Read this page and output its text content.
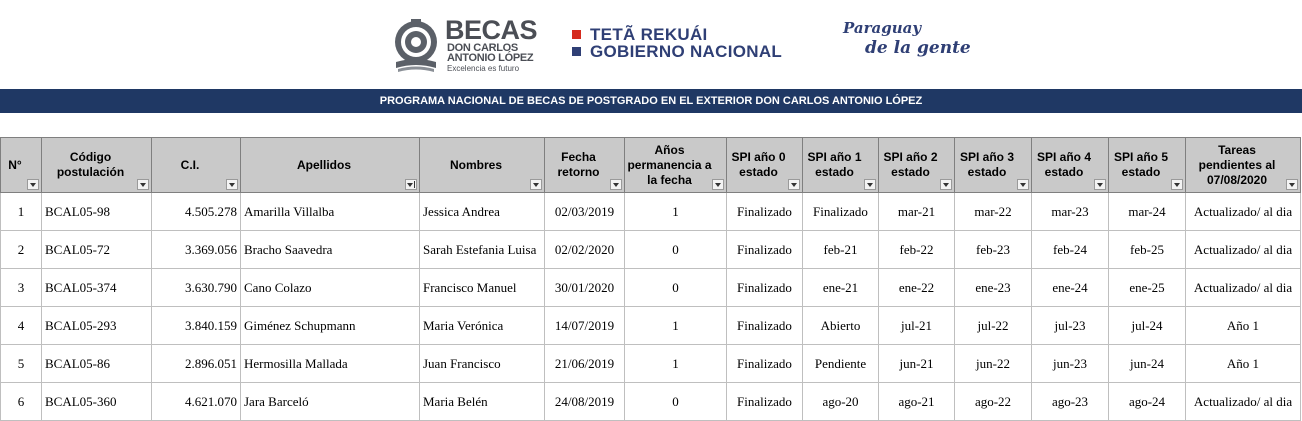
BECAS
DON CARLOS
ANTONIO LÓPEZ
Excelencia es futuro
TETÃ REKUÁI
GOBIERNO NACIONAL
Paraguay
de la gente
PROGRAMA NACIONAL DE BECAS DE POSTGRADO EN EL EXTERIOR DON CARLOS ANTONIO LÓPEZ
N°	Código postulación	C.I.	Apellidos	Nombres	Fecha retorno	Años permanencia a la fecha	SPI año 0 estado	SPI año 1 estado	SPI año 2 estado	SPI año 3 estado	SPI año 4 estado	SPI año 5 estado	Tareas pendientes al 07/08/2020

1	BCAL05-98	4.505.278	Amarilla Villalba	Jessica Andrea	02/03/2019	1	Finalizado	Finalizado	mar-21	mar-22	mar-23	mar-24	Actualizado/ al dia
2	BCAL05-72	3.369.056	Bracho Saavedra	Sarah Estefania Luisa	02/02/2020	0	Finalizado	feb-21	feb-22	feb-23	feb-24	feb-25	Actualizado/ al dia
3	BCAL05-374	3.630.790	Cano Colazo	Francisco Manuel	30/01/2020	0	Finalizado	ene-21	ene-22	ene-23	ene-24	ene-25	Actualizado/ al dia
4	BCAL05-293	3.840.159	Giménez Schupmann	Maria Verónica	14/07/2019	1	Finalizado	Abierto	jul-21	jul-22	jul-23	jul-24	Año 1
5	BCAL05-86	2.896.051	Hermosilla Mallada	Juan Francisco	21/06/2019	1	Finalizado	Pendiente	jun-21	jun-22	jun-23	jun-24	Año 1
6	BCAL05-360	4.621.070	Jara Barceló	Maria Belén	24/08/2019	0	Finalizado	ago-20	ago-21	ago-22	ago-23	ago-24	Actualizado/ al dia
